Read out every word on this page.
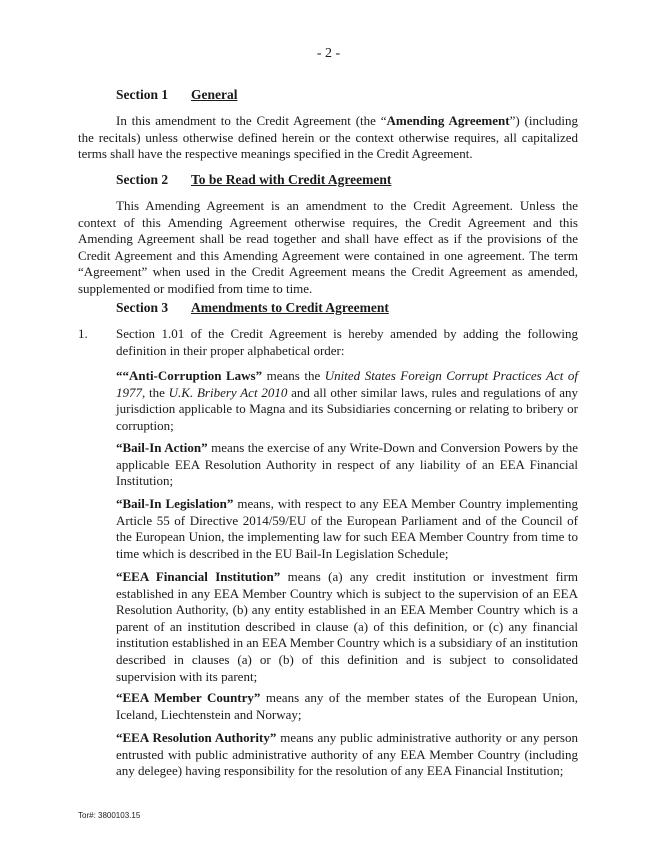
- 2 -
Section 1 General

In this amendment to the Credit Agreement (the “Amending Agreement”) (including the recitals) unless otherwise defined herein or the context otherwise requires, all capitalized terms shall have the respective meanings specified in the Credit Agreement.

Section 2 To be Read with Credit Agreement

This Amending Agreement is an amendment to the Credit Agreement. Unless the context of this Amending Agreement otherwise requires, the Credit Agreement and this Amending Agreement shall be read together and shall have effect as if the provisions of the Credit Agreement and this Amending Agreement were contained in one agreement. The term “Agreement” when used in the Credit Agreement means the Credit Agreement as amended, supplemented or modified from time to time.

Section 3 Amendments to Credit Agreement
1. Section 1.01 of the Credit Agreement is hereby amended by adding the following definition in their proper alphabetical order:

““Anti-Corruption Laws” means the United States Foreign Corrupt Practices Act of 1977, the U.K. Bribery Act 2010 and all other similar laws, rules and regulations of any jurisdiction applicable to Magna and its Subsidiaries concerning or relating to bribery or corruption;

“Bail-In Action” means the exercise of any Write-Down and Conversion Powers by the applicable EEA Resolution Authority in respect of any liability of an EEA Financial Institution;

“Bail-In Legislation” means, with respect to any EEA Member Country implementing Article 55 of Directive 2014/59/EU of the European Parliament and of the Council of the European Union, the implementing law for such EEA Member Country from time to time which is described in the EU Bail-In Legislation Schedule;

“EEA Financial Institution” means (a) any credit institution or investment firm established in any EEA Member Country which is subject to the supervision of an EEA Resolution Authority, (b) any entity established in an EEA Member Country which is a parent of an institution described in clause (a) of this definition, or (c) any financial institution established in an EEA Member Country which is a subsidiary of an institution described in clauses (a) or (b) of this definition and is subject to consolidated supervision with its parent;

“EEA Member Country” means any of the member states of the European Union, Iceland, Liechtenstein and Norway;

“EEA Resolution Authority” means any public administrative authority or any person entrusted with public administrative authority of any EEA Member Country (including any delegee) having responsibility for the resolution of any EEA Financial Institution;

Tor#: 3800103.15
